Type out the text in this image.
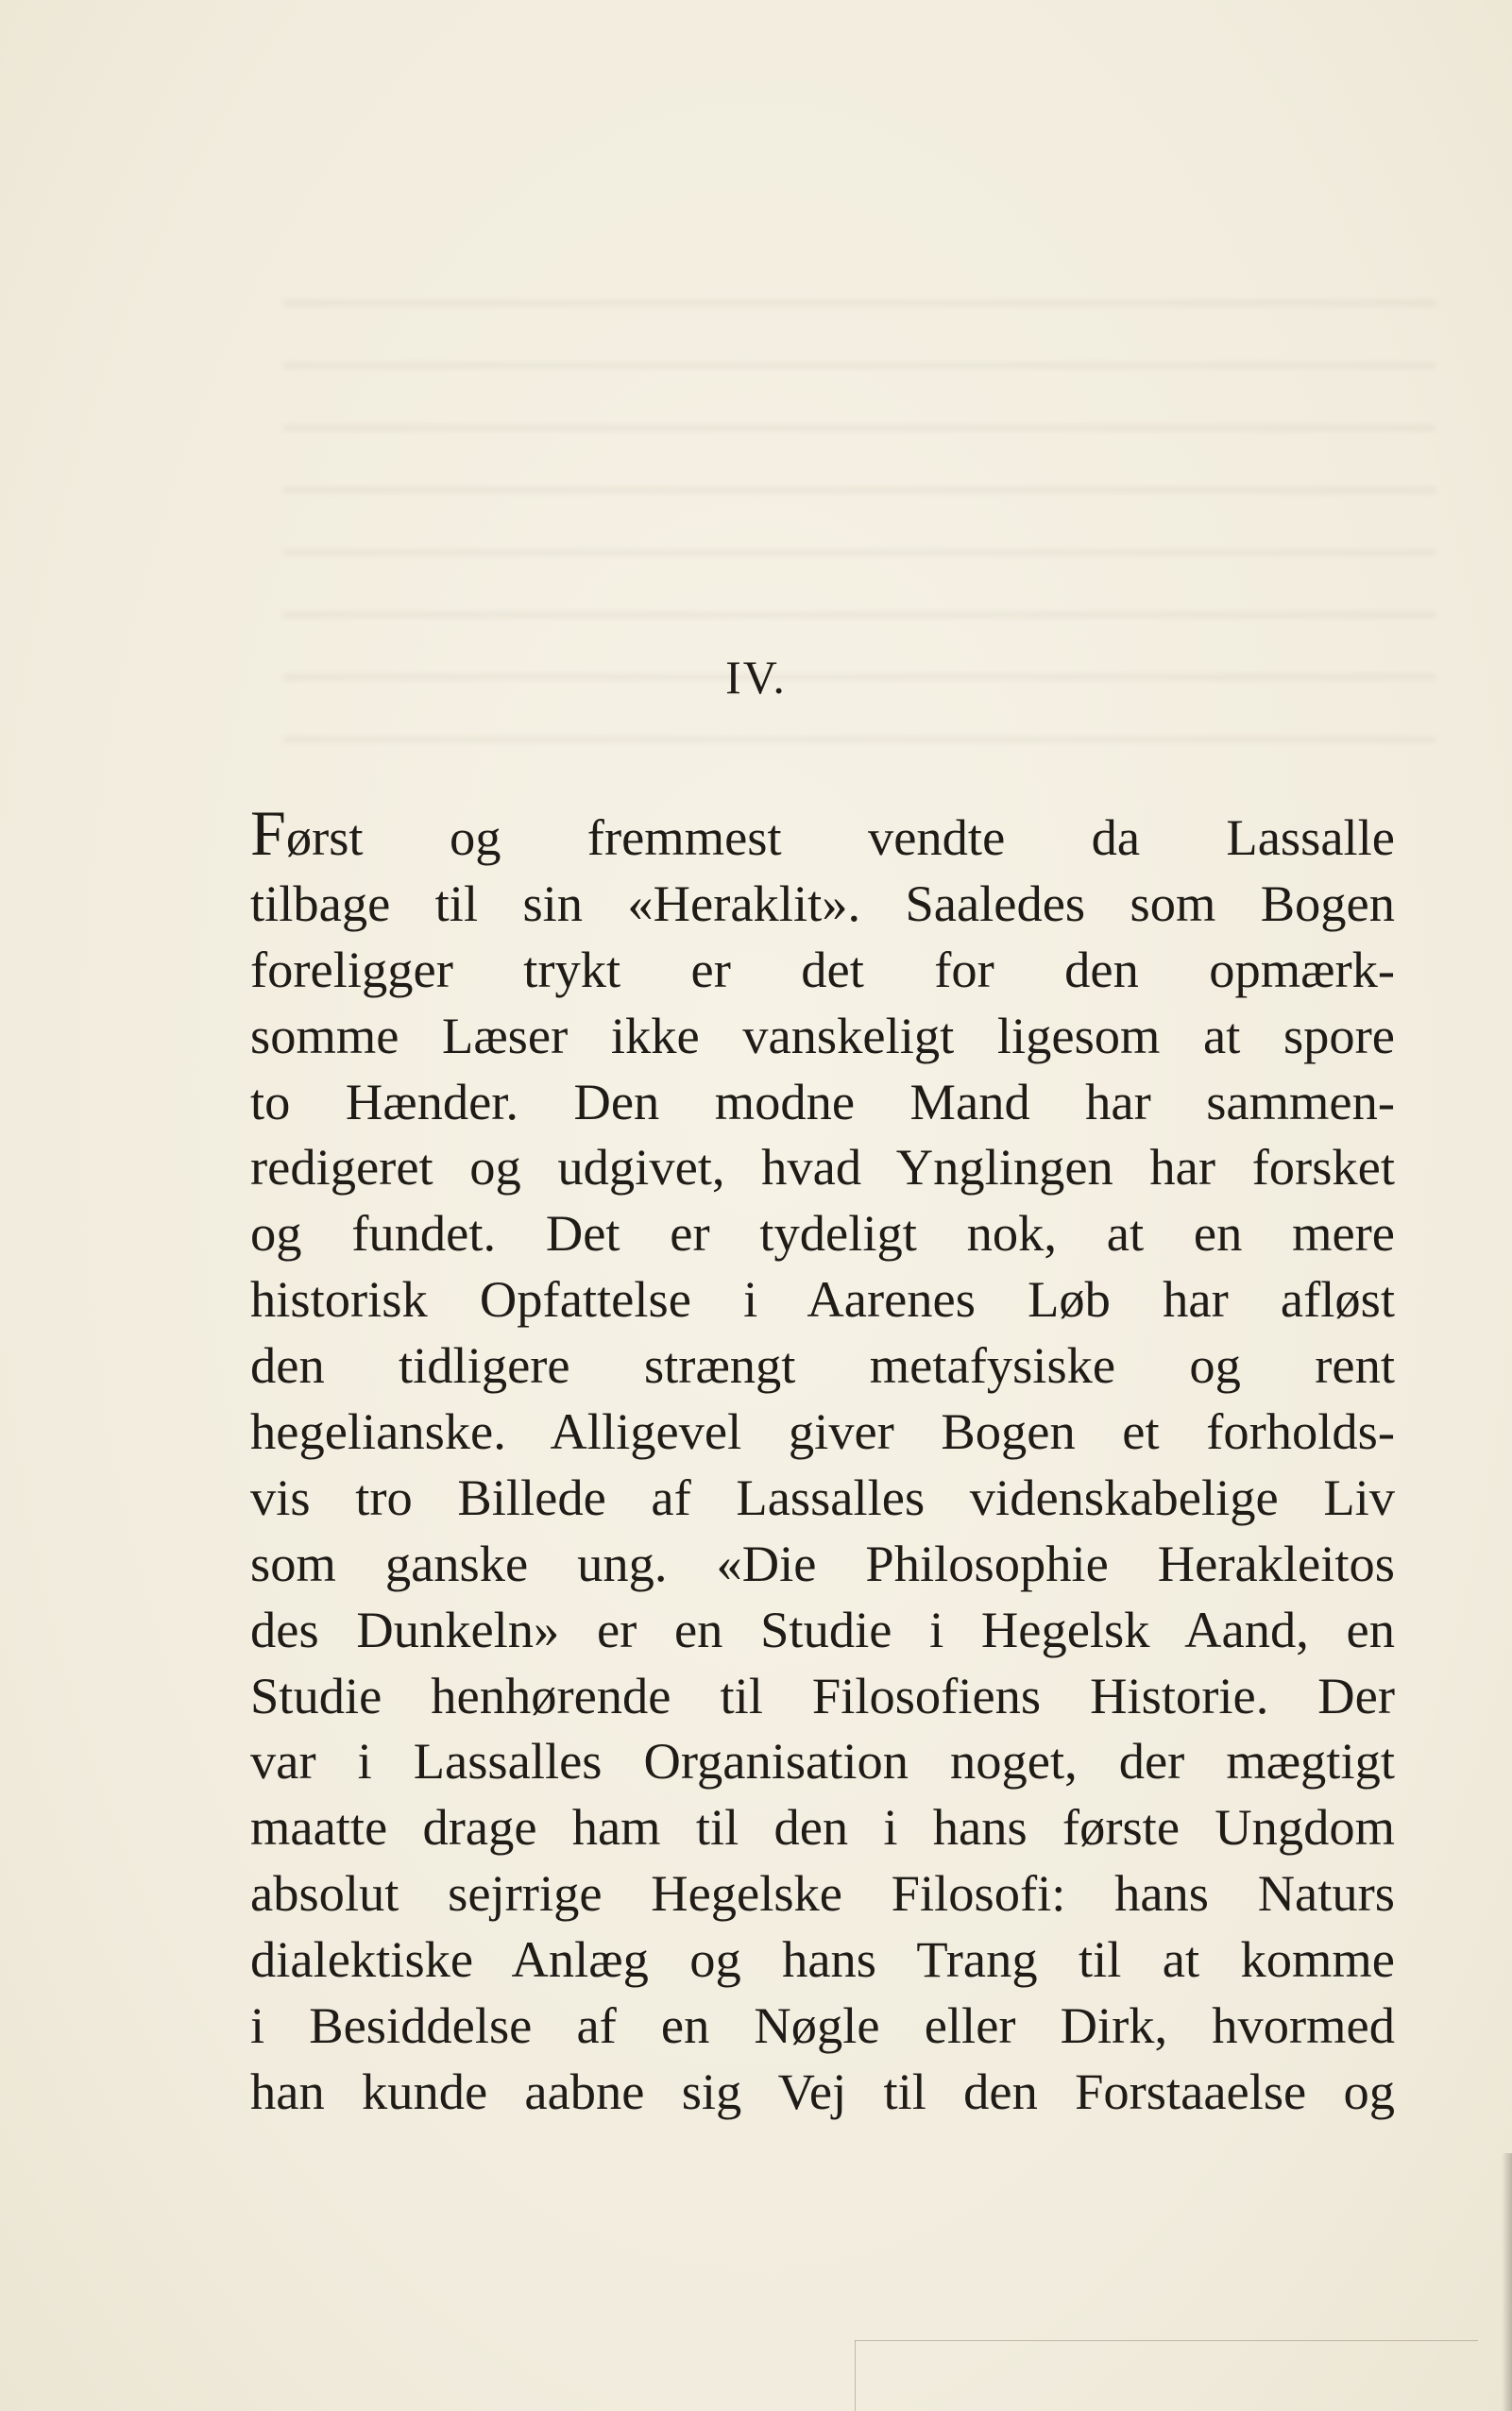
IV.
Først og fremmest vendte da Lassalle
tilbage til sin «Heraklit». Saaledes som Bogen
foreligger trykt er det for den opmærk-
somme Læser ikke vanskeligt ligesom at spore
to Hænder. Den modne Mand har sammen-
redigeret og udgivet, hvad Ynglingen har forsket
og fundet. Det er tydeligt nok, at en mere
historisk Opfattelse i Aarenes Løb har afløst
den tidligere strængt metafysiske og rent
hegelianske. Alligevel giver Bogen et forholds-
vis tro Billede af Lassalles videnskabelige Liv
som ganske ung. «Die Philosophie Herakleitos
des Dunkeln» er en Studie i Hegelsk Aand, en
Studie henhørende til Filosofiens Historie. Der
var i Lassalles Organisation noget, der mægtigt
maatte drage ham til den i hans første Ungdom
absolut sejrrige Hegelske Filosofi: hans Naturs
dialektiske Anlæg og hans Trang til at komme
i Besiddelse af en Nøgle eller Dirk, hvormed
han kunde aabne sig Vej til den Forstaaelse og
